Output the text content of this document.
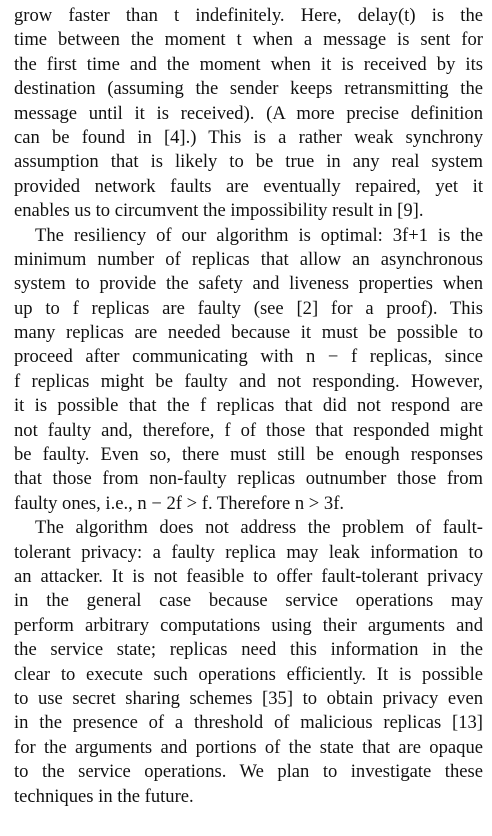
grow faster than t indefinitely. Here, delay(t) is the
time between the moment t when a message is sent for
the first time and the moment when it is received by its
destination (assuming the sender keeps retransmitting the
message until it is received). (A more precise definition
can be found in [4].) This is a rather weak synchrony
assumption that is likely to be true in any real system
provided network faults are eventually repaired, yet it
enables us to circumvent the impossibility result in [9].
The resiliency of our algorithm is optimal: 3f+1 is the
minimum number of replicas that allow an asynchronous
system to provide the safety and liveness properties when
up to f replicas are faulty (see [2] for a proof). This
many replicas are needed because it must be possible to
proceed after communicating with n − f replicas, since
f replicas might be faulty and not responding. However,
it is possible that the f replicas that did not respond are
not faulty and, therefore, f of those that responded might
be faulty. Even so, there must still be enough responses
that those from non-faulty replicas outnumber those from
faulty ones, i.e., n − 2f > f. Therefore n > 3f.
The algorithm does not address the problem of fault-
tolerant privacy: a faulty replica may leak information to
an attacker. It is not feasible to offer fault-tolerant privacy
in the general case because service operations may
perform arbitrary computations using their arguments and
the service state; replicas need this information in the
clear to execute such operations efficiently. It is possible
to use secret sharing schemes [35] to obtain privacy even
in the presence of a threshold of malicious replicas [13]
for the arguments and portions of the state that are opaque
to the service operations. We plan to investigate these
techniques in the future.
